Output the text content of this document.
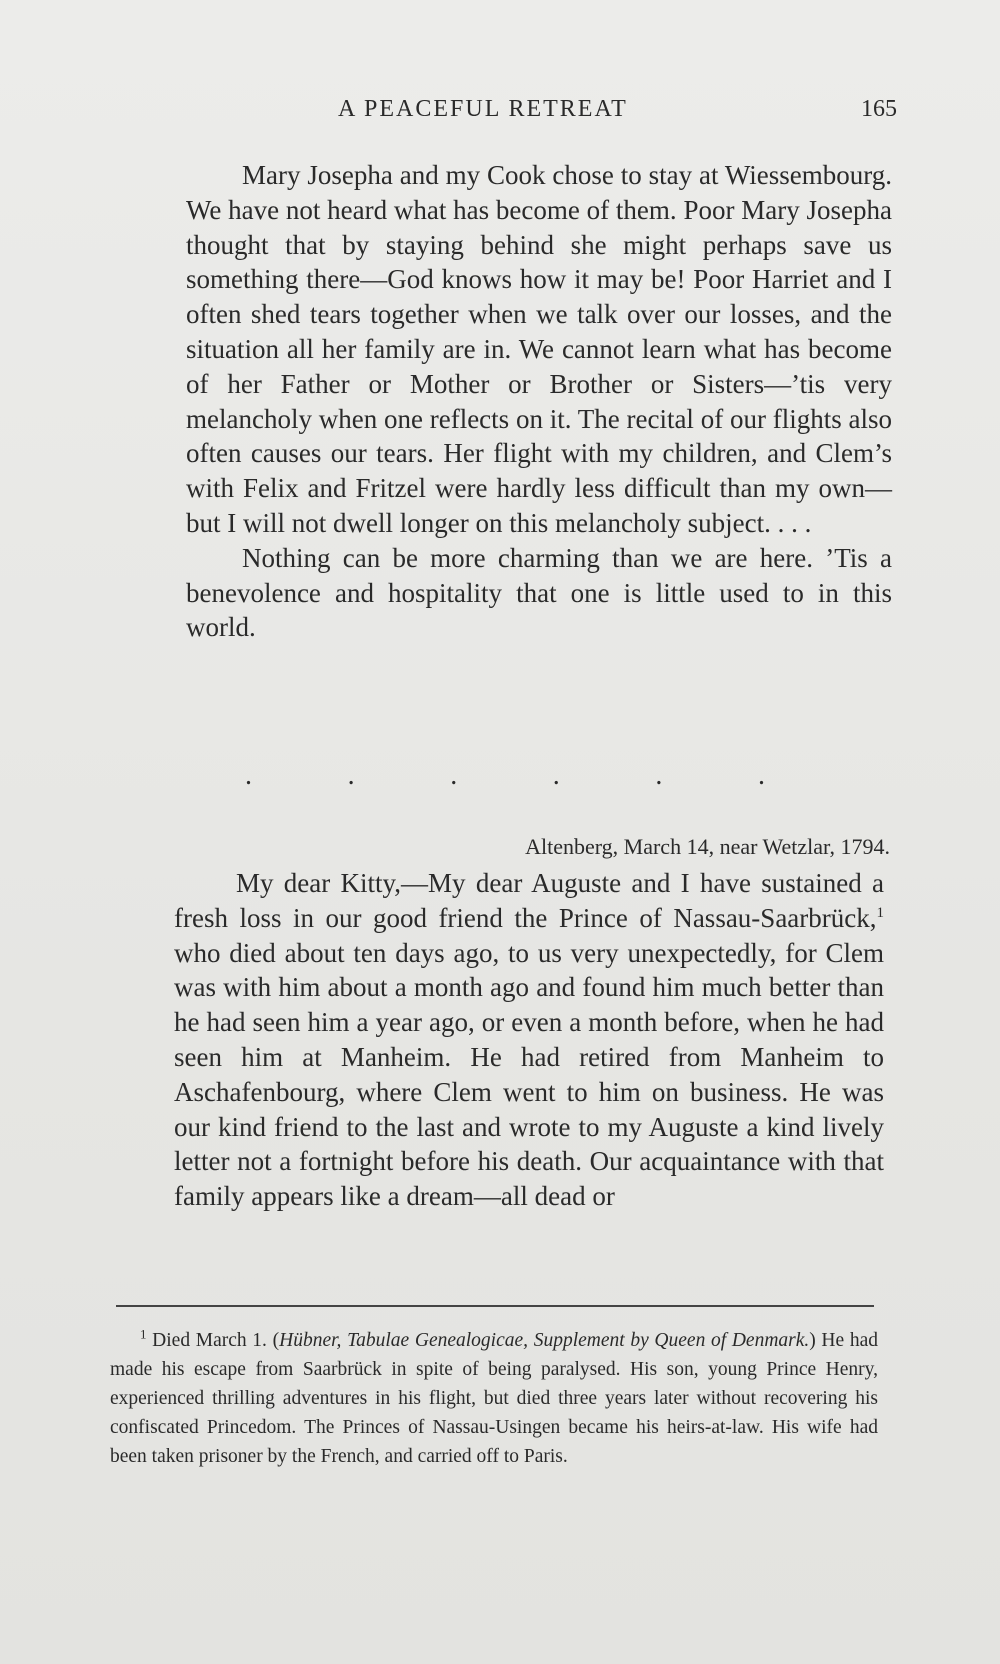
A PEACEFUL RETREAT	165

Mary Josepha and my Cook chose to stay at Wiessembourg. We have not heard what has become of them. Poor Mary Josepha thought that by staying behind she might perhaps save us something there—God knows how it may be! Poor Harriet and I often shed tears together when we talk over our losses, and the situation all her family are in. We cannot learn what has become of her Father or Mother or Brother or Sisters—’tis very melancholy when one reflects on it. The recital of our flights also often causes our tears. Her flight with my children, and Clem’s with Felix and Fritzel were hardly less difficult than my own—but I will not dwell longer on this melancholy subject. . . .

Nothing can be more charming than we are here. ’Tis a benevolence and hospitality that one is little used to in this world.

.	.	.	.	.	.
Altenberg, March 14, near Wetzlar, 1794.

My dear Kitty,—My dear Auguste and I have sustained a fresh loss in our good friend the Prince of Nassau-Saarbrück,$^1$ who died about ten days ago, to us very unexpectedly, for Clem was with him about a month ago and found him much better than he had seen him a year ago, or even a month before, when he had seen him at Manheim. He had retired from Manheim to Aschafenbourg, where Clem went to him on business. He was our kind friend to the last and wrote to my Auguste a kind lively letter not a fortnight before his death. Our acquaintance with that family appears like a dream—all dead or

$^1$ Died March 1. (Hübner, Tabulae Genealogicae, Supplement by Queen of Denmark.) He had made his escape from Saarbrück in spite of being paralysed. His son, young Prince Henry, experienced thrilling adventures in his flight, but died three years later without recovering his confiscated Princedom. The Princes of Nassau-Usingen became his heirs-at-law. His wife had been taken prisoner by the French, and carried off to Paris.
